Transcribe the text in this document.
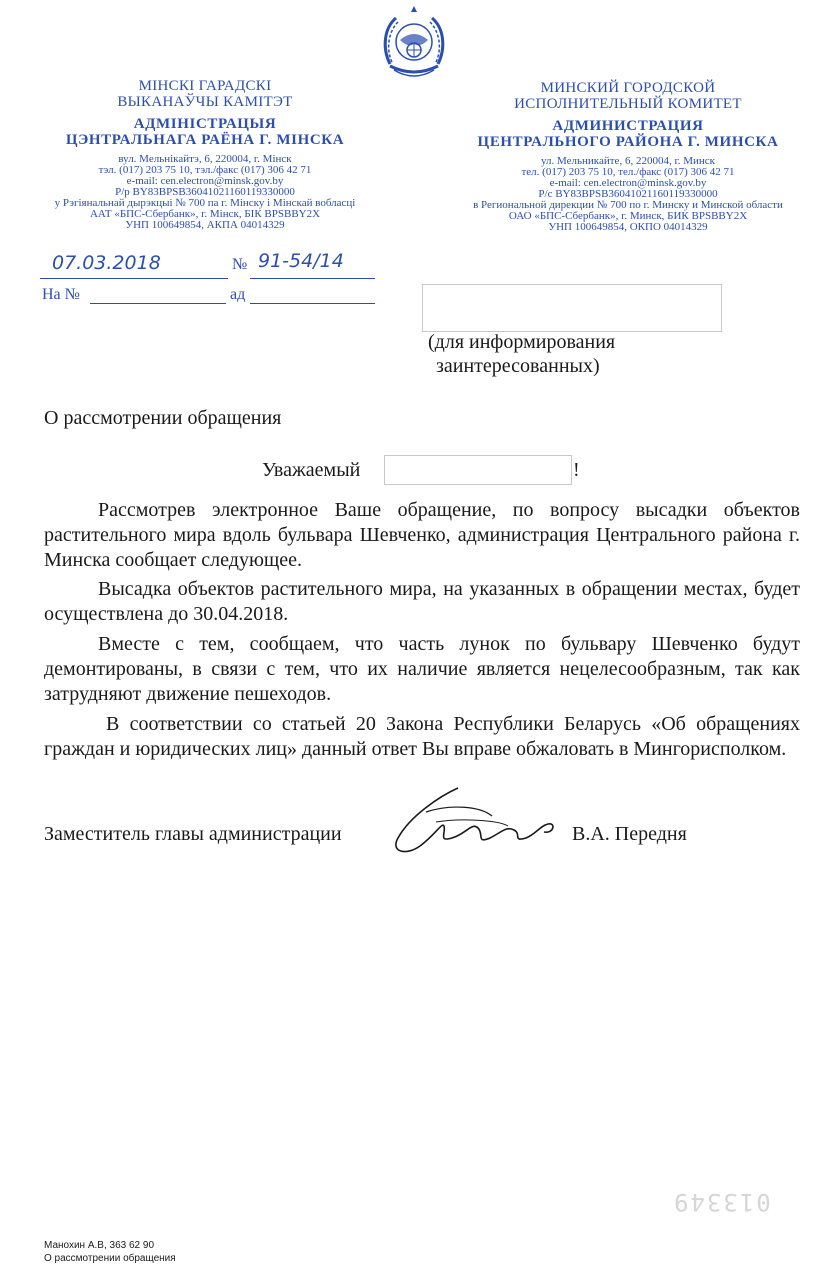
МІНСКІ ГАРАДСКІ
ВЫКАНАЎЧЫ КАМІТЭТ
АДМІНІСТРАЦЫЯ
ЦЭНТРАЛЬНАГА РАЁНА Г. МІНСКА
вул. Мельнікайтэ, 6, 220004, г. Мінск
тэл. (017) 203 75 10, тэл./факс (017) 306 42 71
e-mail: cen.electron@minsk.gov.by
Р/р BY83BPSB36041021160119330000
у Рэгіянальнай дырэкцыі № 700 па г. Мінску і Мінскай вобласці
ААТ «БПС-Сбербанк», г. Мінск, БІК BPSBBY2X
УНП 100649854, АКПА 04014329
МИНСКИЙ ГОРОДСКОЙ
ИСПОЛНИТЕЛЬНЫЙ КОМИТЕТ
АДМИНИСТРАЦИЯ
ЦЕНТРАЛЬНОГО РАЙОНА Г. МИНСКА
ул. Мельникайте, 6, 220004, г. Минск
тел. (017) 203 75 10, тел./факс (017) 306 42 71
e-mail: cen.electron@minsk.gov.by
Р/с BY83BPSB36041021160119330000
в Региональной дирекции № 700 по г. Минску и Минской области
ОАО «БПС-Сбербанк», г. Минск, БИК BPSBBY2X
УНП 100649854, ОКПО 04014329
07.03.2018	№ 91-54/14
На №	ад
(для информирования
заинтересованных)
О рассмотрении обращения
Уважаемый	!
Рассмотрев электронное Ваше обращение, по вопросу высадки объектов растительного мира вдоль бульвара Шевченко, администрация Центрального района г. Минска сообщает следующее.
Высадка объектов растительного мира, на указанных в обращении местах, будет осуществлена до 30.04.2018.
Вместе с тем, сообщаем, что часть лунок по бульвару Шевченко будут демонтированы, в связи с тем, что их наличие является нецелесообразным, так как затрудняют движение пешеходов.
В соответствии со статьей 20 Закона Республики Беларусь «Об обращениях граждан и юридических лиц» данный ответ Вы вправе обжаловать в Мингорисполком.
Заместитель главы администрации	В.А. Передня
013349
Манохин А.В, 363 62 90
О рассмотрении обращения
